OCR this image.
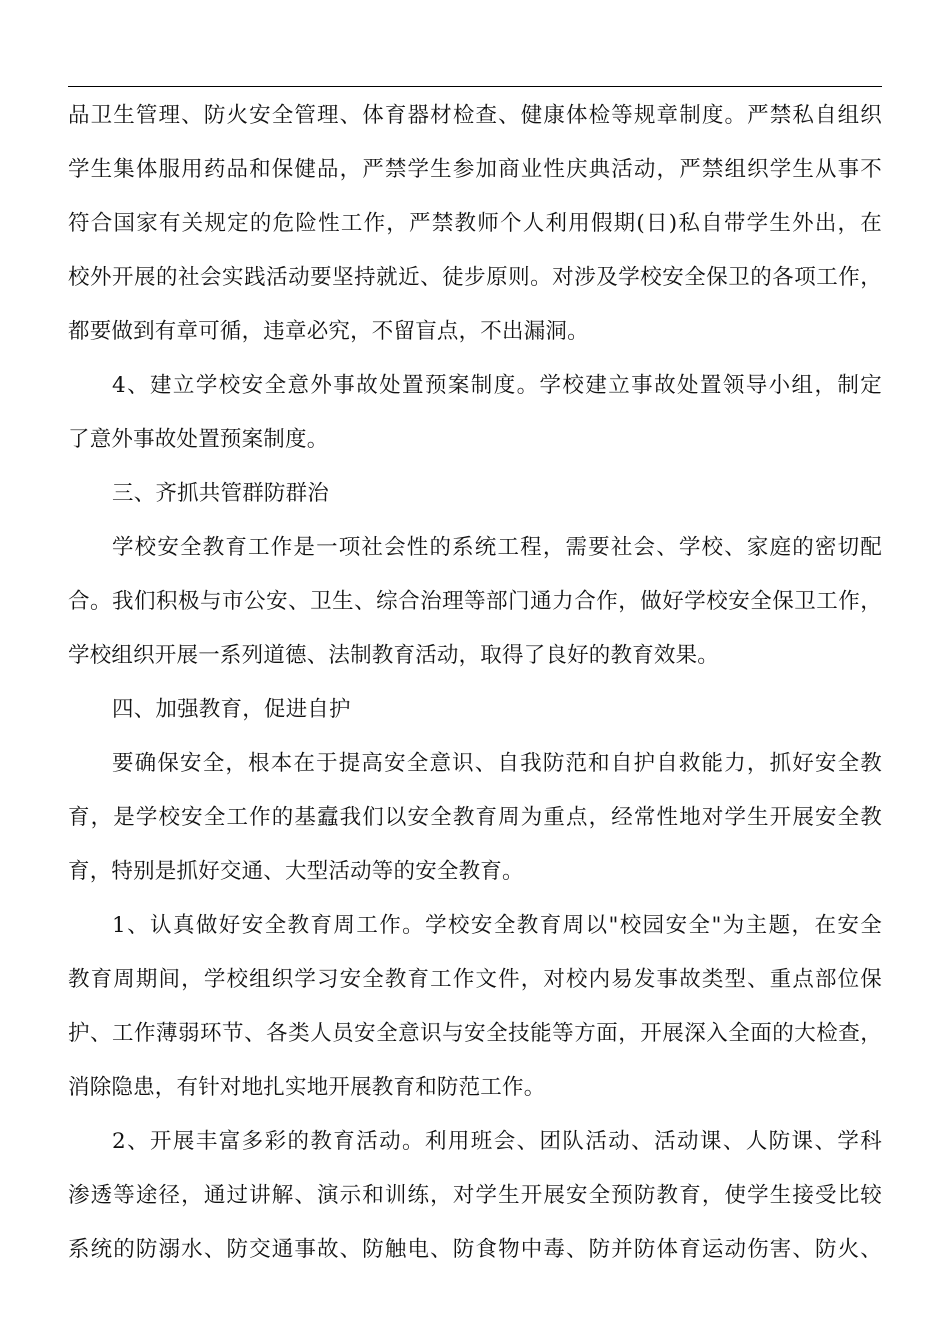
品卫生管理、防火安全管理、体育器材检查、健康体检等规章制度。严禁私自组织
学生集体服用药品和保健品，严禁学生参加商业性庆典活动，严禁组织学生从事不
符合国家有关规定的危险性工作，严禁教师个人利用假期(日)私自带学生外出，在
校外开展的社会实践活动要坚持就近、徒步原则。对涉及学校安全保卫的各项工作，
都要做到有章可循，违章必究，不留盲点，不出漏洞。
4、建立学校安全意外事故处置预案制度。学校建立事故处置领导小组，制定
了意外事故处置预案制度。
三、齐抓共管群防群治
学校安全教育工作是一项社会性的系统工程，需要社会、学校、家庭的密切配
合。我们积极与市公安、卫生、综合治理等部门通力合作，做好学校安全保卫工作，
学校组织开展一系列道德、法制教育活动，取得了良好的教育效果。
四、加强教育，促进自护
要确保安全，根本在于提高安全意识、自我防范和自护自救能力，抓好安全教
育，是学校安全工作的基蠧我们以安全教育周为重点，经常性地对学生开展安全教
育，特别是抓好交通、大型活动等的安全教育。
1、认真做好安全教育周工作。学校安全教育周以"校园安全"为主题，在安全
教育周期间，学校组织学习安全教育工作文件，对校内易发事故类型、重点部位保
护、工作薄弱环节、各类人员安全意识与安全技能等方面，开展深入全面的大检查，
消除隐患，有针对地扎实地开展教育和防范工作。
2、开展丰富多彩的教育活动。利用班会、团队活动、活动课、人防课、学科
渗透等途径，通过讲解、演示和训练，对学生开展安全预防教育，使学生接受比较
系统的防溺水、防交通事故、防触电、防食物中毒、防并防体育运动伤害、防火、
